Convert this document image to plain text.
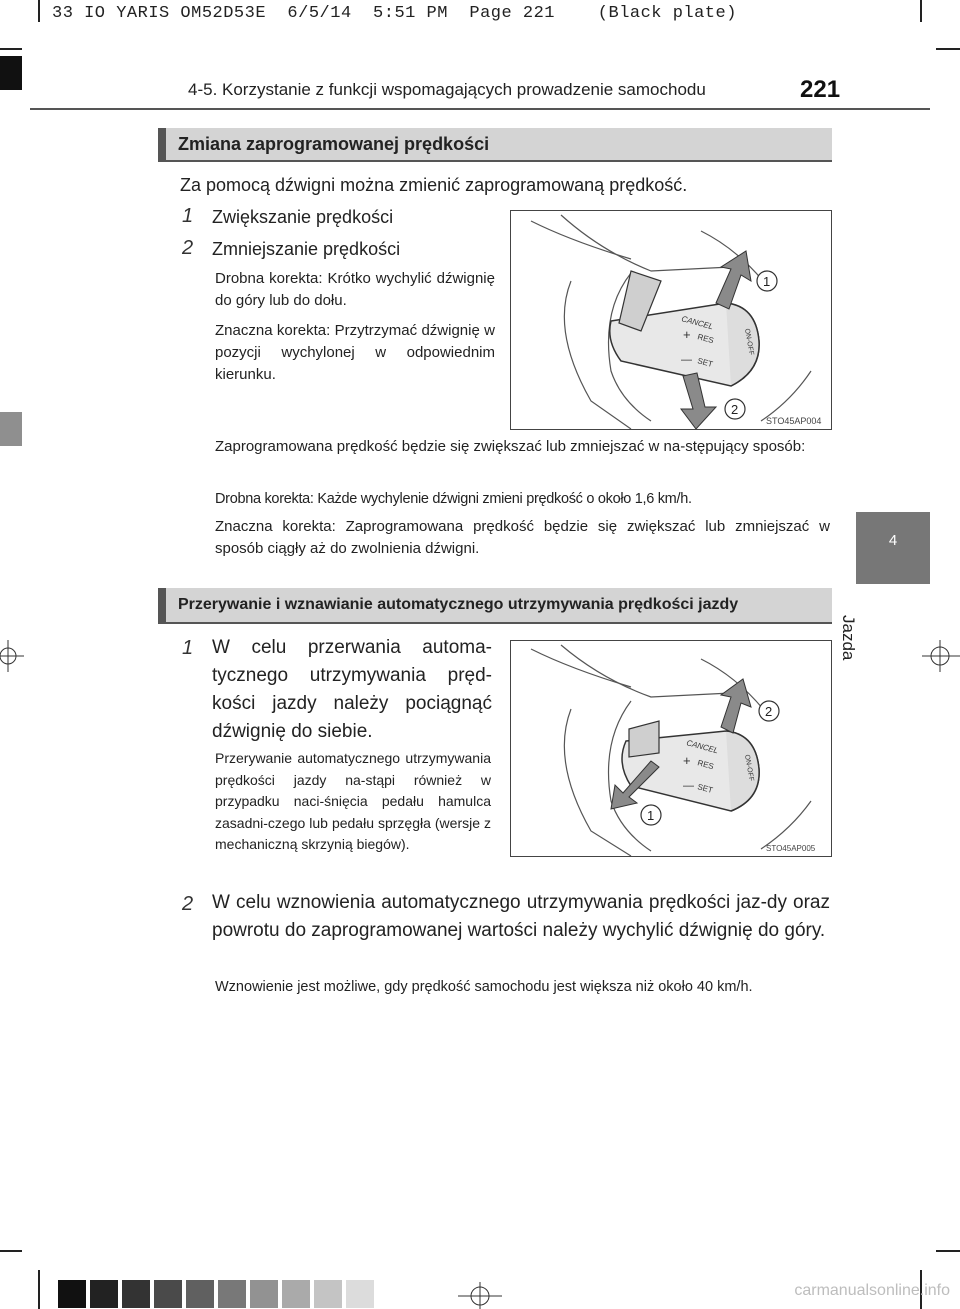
33 IO YARIS OM52D53E  6/5/14  5:51 PM  Page 221    (Black plate)
4-5. Korzystanie z funkcji wspomagających prowadzenie samochodu	221
4
Jazda
Zmiana zaprogramowanej prędkości
Za pomocą dźwigni można zmienić zaprogramowaną prędkość.
1 Zwiększanie prędkości
2 Zmniejszanie prędkości
Drobna korekta: Krótko wychylić dźwignię do góry lub do dołu.
Znaczna korekta: Przytrzymać dźwignię w pozycji wychylonej w odpowiednim kierunku.
CANCEL
+ RES
— SET
ON-OFF
1
2
STO45AP004
Zaprogramowana prędkość będzie się zwiększać lub zmniejszać w na-stępujący sposób:
Drobna korekta: Każde wychylenie dźwigni zmieni prędkość o około 1,6 km/h.
Znaczna korekta: Zaprogramowana prędkość będzie się zwiększać lub zmniejszać w sposób ciągły aż do zwolnienia dźwigni.
Przerywanie i wznawianie automatycznego utrzymywania prędkości jazdy
1 W celu przerwania automa-tycznego utrzymywania pręd-kości jazdy należy pociągnąć dźwignię do siebie.
Przerywanie automatycznego utrzymywania prędkości jazdy na-stąpi również w przypadku naci-śnięcia pedału hamulca zasadni-czego lub pedału sprzęgła (wersje z mechaniczną skrzynią biegów).
CANCEL
+ RES
— SET
ON-OFF
2
1
STO45AP005
2 W celu wznowienia automatycznego utrzymywania prędkości jaz-dy oraz powrotu do zaprogramowanej wartości należy wychylić dźwignię do góry.
Wznowienie jest możliwe, gdy prędkość samochodu jest większa niż około 40 km/h.
carmanualsonline.info
